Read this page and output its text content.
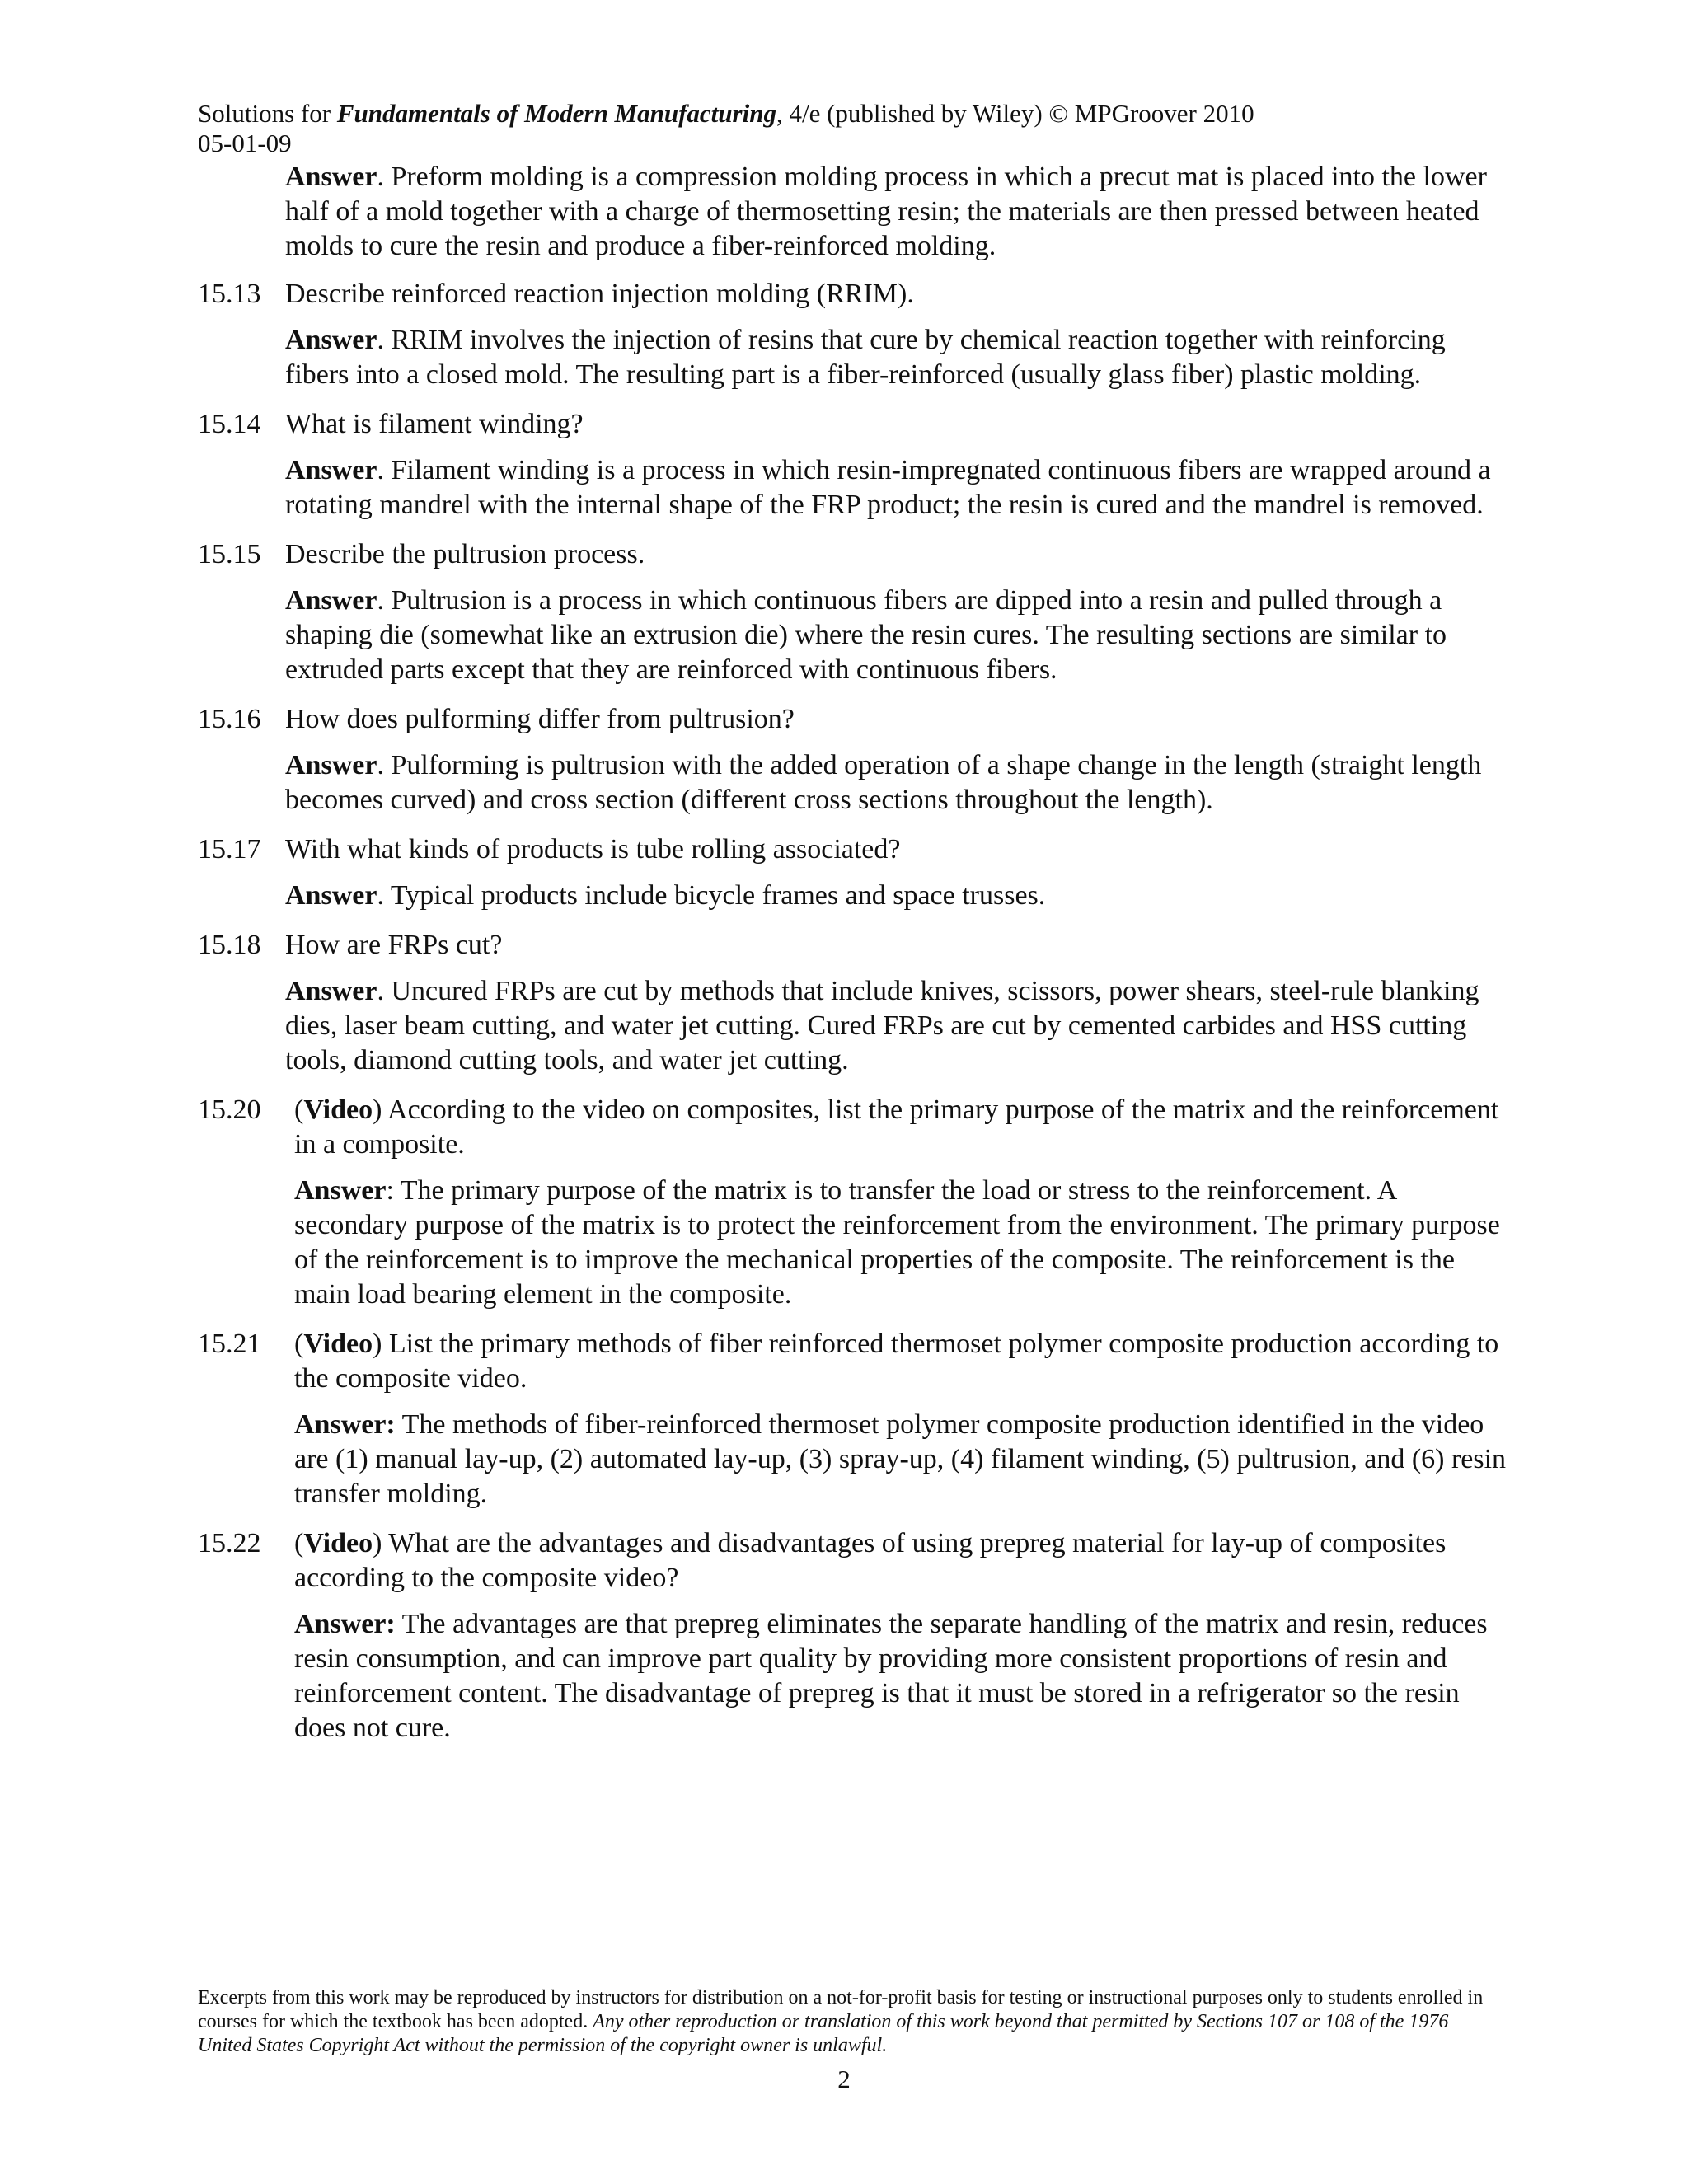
Solutions for Fundamentals of Modern Manufacturing, 4/e (published by Wiley) © MPGroover 2010
05-01-09
Answer. Preform molding is a compression molding process in which a precut mat is placed into the lower half of a mold together with a charge of thermosetting resin; the materials are then pressed between heated molds to cure the resin and produce a fiber-reinforced molding.
15.13 Describe reinforced reaction injection molding (RRIM).
Answer. RRIM involves the injection of resins that cure by chemical reaction together with reinforcing fibers into a closed mold. The resulting part is a fiber-reinforced (usually glass fiber) plastic molding.
15.14 What is filament winding?
Answer. Filament winding is a process in which resin-impregnated continuous fibers are wrapped around a rotating mandrel with the internal shape of the FRP product; the resin is cured and the mandrel is removed.
15.15 Describe the pultrusion process.
Answer. Pultrusion is a process in which continuous fibers are dipped into a resin and pulled through a shaping die (somewhat like an extrusion die) where the resin cures. The resulting sections are similar to extruded parts except that they are reinforced with continuous fibers.
15.16 How does pulforming differ from pultrusion?
Answer. Pulforming is pultrusion with the added operation of a shape change in the length (straight length becomes curved) and cross section (different cross sections throughout the length).
15.17 With what kinds of products is tube rolling associated?
Answer. Typical products include bicycle frames and space trusses.
15.18 How are FRPs cut?
Answer. Uncured FRPs are cut by methods that include knives, scissors, power shears, steel-rule blanking dies, laser beam cutting, and water jet cutting. Cured FRPs are cut by cemented carbides and HSS cutting tools, diamond cutting tools, and water jet cutting.
15.20	(Video) According to the video on composites, list the primary purpose of the matrix and the reinforcement in a composite.
Answer: The primary purpose of the matrix is to transfer the load or stress to the reinforcement. A secondary purpose of the matrix is to protect the reinforcement from the environment. The primary purpose of the reinforcement is to improve the mechanical properties of the composite. The reinforcement is the main load bearing element in the composite.
15.21	(Video) List the primary methods of fiber reinforced thermoset polymer composite production according to the composite video.
Answer: The methods of fiber-reinforced thermoset polymer composite production identified in the video are (1) manual lay-up, (2) automated lay-up, (3) spray-up, (4) filament winding, (5) pultrusion, and (6) resin transfer molding.
15.22	(Video) What are the advantages and disadvantages of using prepreg material for lay-up of composites according to the composite video?
Answer: The advantages are that prepreg eliminates the separate handling of the matrix and resin, reduces resin consumption, and can improve part quality by providing more consistent proportions of resin and reinforcement content. The disadvantage of prepreg is that it must be stored in a refrigerator so the resin does not cure.
Excerpts from this work may be reproduced by instructors for distribution on a not-for-profit basis for testing or instructional purposes only to students enrolled in courses for which the textbook has been adopted. Any other reproduction or translation of this work beyond that permitted by Sections 107 or 108 of the 1976 United States Copyright Act without the permission of the copyright owner is unlawful.
2
